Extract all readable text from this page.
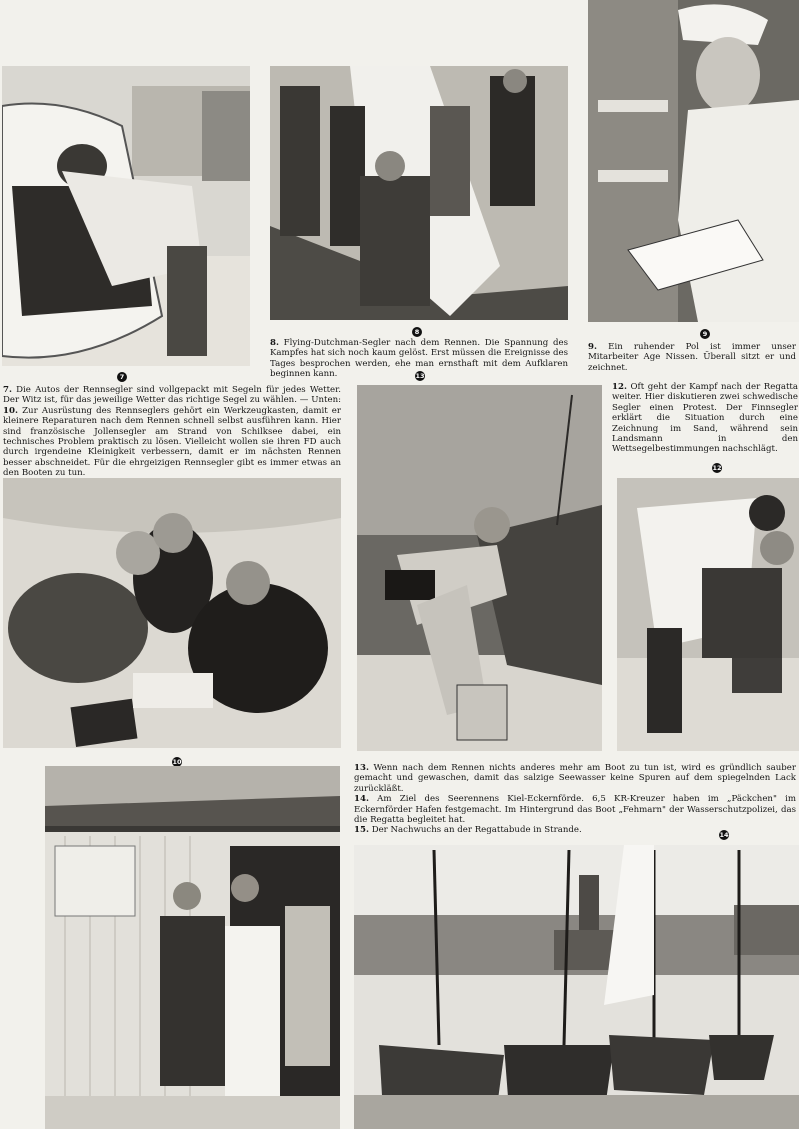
7
8	9
10
12
14

8. Flying-Dutchman-Segler nach dem Rennen. Die Spannung des Kampfes hat sich noch kaum gelöst. Erst müssen die Ereignisse des Tages besprochen werden, ehe man ernsthaft mit dem Aufklaren beginnen kann.	13

9. Ein ruhender Pol ist immer unser Mitarbeiter Age Nissen. Überall sitzt er und zeichnet.

7. Die Autos der Rennsegler sind vollgepackt mit Segeln für jedes Wetter. Der Witz ist, für das jeweilige Wetter das richtige Segel zu wählen. — Unten: 10. Zur Ausrüstung des Rennseglers gehört ein Werkzeugkasten, damit er kleinere Reparaturen nach dem Rennen schnell selbst ausführen kann. Hier sind französische Jollensegler am Strand von Schilksee dabei, ein technisches Problem praktisch zu lösen. Vielleicht wollen sie ihren FD auch durch irgendeine Kleinigkeit verbessern, damit er im nächsten Rennen besser abschneidet. Für die ehrgeizigen Rennsegler gibt es immer etwas an den Booten zu tun.

12. Oft geht der Kampf nach der Regatta weiter. Hier diskutieren zwei schwedische Segler einen Protest. Der Finnsegler erklärt die Situation durch eine Zeichnung im Sand, während sein Landsmann in den Wettsegelbestimmungen nachschlägt.

13. Wenn nach dem Rennen nichts anderes mehr am Boot zu tun ist, wird es gründlich sauber gemacht und gewaschen, damit das salzige Seewasser keine Spuren auf dem spiegelnden Lack zurückläßt.

14. Am Ziel des Seerennens Kiel-Eckernförde. 6,5 KR-Kreuzer haben im „Päckchen" im Eckernförder Hafen festgemacht. Im Hintergrund das Boot „Fehmarn" der Wasserschutzpolizei, das die Regatta begleitet hat.

15. Der Nachwuchs an der Regattabude in Strande.
